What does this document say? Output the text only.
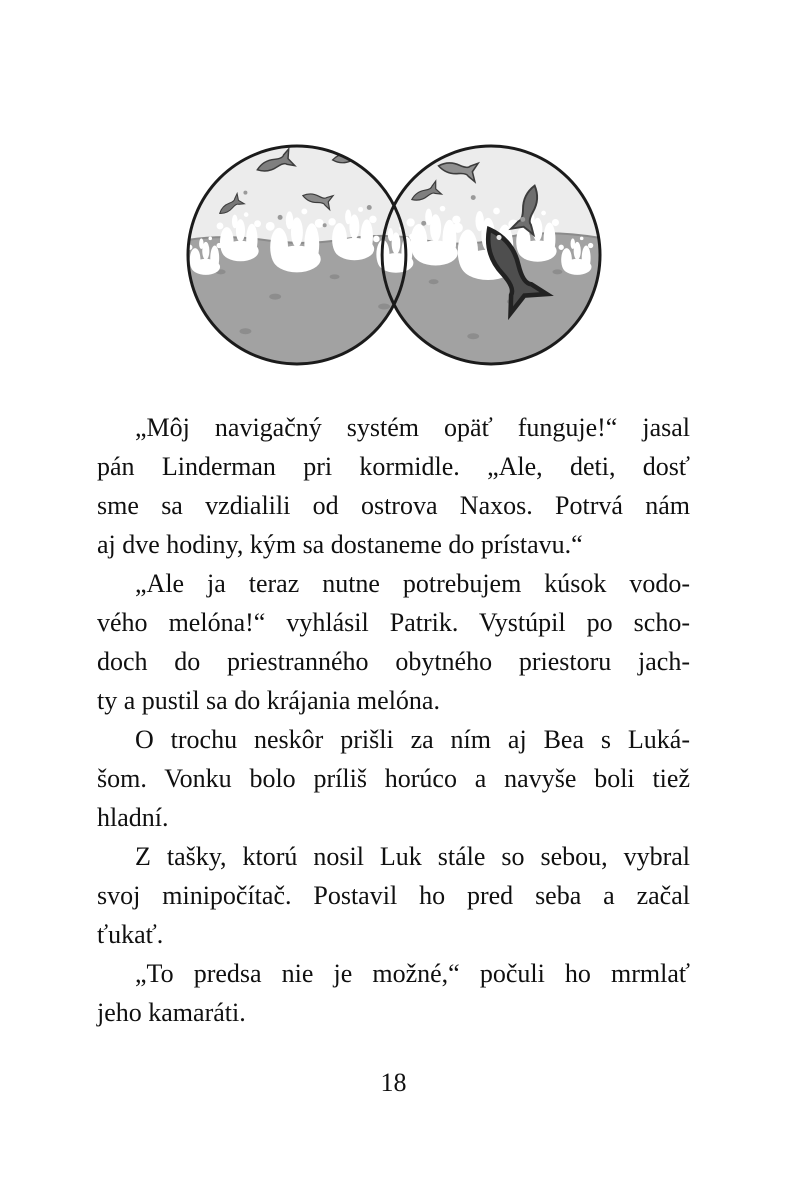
„Môj navigačný systém opäť funguje!“ jasal
pán Linderman pri kormidle. „Ale, deti, dosť
sme sa vzdialili od ostrova Naxos. Potrvá nám
aj dve hodiny, kým sa dostaneme do prístavu.“

„Ale ja teraz nutne potrebujem kúsok vodo-
vého melóna!“ vyhlásil Patrik. Vystúpil po scho-
doch do priestranného obytného priestoru jach-
ty a pustil sa do krájania melóna.

O trochu neskôr prišli za ním aj Bea s Luká-
šom. Vonku bolo príliš horúco a navyše boli tiež
hladní.

Z tašky, ktorú nosil Luk stále so sebou, vybral
svoj minipočítač. Postavil ho pred seba a začal
ťukať.

„To predsa nie je možné,“ počuli ho mrmlať
jeho kamaráti.

18
